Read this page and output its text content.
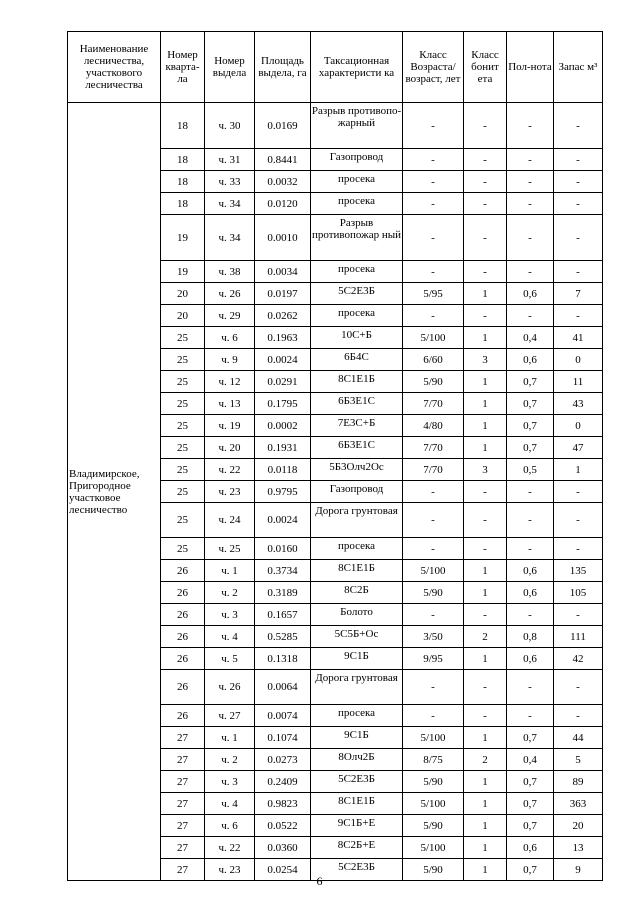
Наименование лесничества, участкового лесничества	Номер кварта-ла	Номер выдела	Площадь выдела, га	Таксационная характеристи ка	Класс Возраста/ возраст, лет	Класс бонит ета	Пол-нота	Запас м³
Владимирское, Пригородное участковое лесничество	18	ч. 30	0.0169	Разрыв противопо-жарный	-	-	-	-
	18	ч. 31	0.8441	Газопровод	-	-	-	-
	18	ч. 33	0.0032	просека	-	-	-	-
	18	ч. 34	0.0120	просека	-	-	-	-
	19	ч. 34	0.0010	Разрыв противопожар ный	-	-	-	-
	19	ч. 38	0.0034	просека	-	-	-	-
	20	ч. 26	0.0197	5С2Е3Б	5/95	1	0,6	7
	20	ч. 29	0.0262	просека	-	-	-	-
	25	ч. 6	0.1963	10С+Б	5/100	1	0,4	41
	25	ч. 9	0.0024	6Б4С	6/60	3	0,6	0
	25	ч. 12	0.0291	8С1Е1Б	5/90	1	0,7	11
	25	ч. 13	0.1795	6Б3Е1С	7/70	1	0,7	43
	25	ч. 19	0.0002	7Е3С+Б	4/80	1	0,7	0
	25	ч. 20	0.1931	6Б3Е1С	7/70	1	0,7	47
	25	ч. 22	0.0118	5Б3Олч2Ос	7/70	3	0,5	1
	25	ч. 23	0.9795	Газопровод	-	-	-	-
	25	ч. 24	0.0024	Дорога грунтовая	-	-	-	-
	25	ч. 25	0.0160	просека	-	-	-	-
	26	ч. 1	0.3734	8С1Е1Б	5/100	1	0,6	135
	26	ч. 2	0.3189	8С2Б	5/90	1	0,6	105
	26	ч. 3	0.1657	Болото	-	-	-	-
	26	ч. 4	0.5285	5С5Б+Ос	3/50	2	0,8	111
	26	ч. 5	0.1318	9С1Б	9/95	1	0,6	42
	26	ч. 26	0.0064	Дорога грунтовая	-	-	-	-
	26	ч. 27	0.0074	просека	-	-	-	-
	27	ч. 1	0.1074	9С1Б	5/100	1	0,7	44
	27	ч. 2	0.0273	8Олч2Б	8/75	2	0,4	5
	27	ч. 3	0.2409	5С2Е3Б	5/90	1	0,7	89
	27	ч. 4	0.9823	8С1Е1Б	5/100	1	0,7	363
	27	ч. 6	0.0522	9С1Б+Е	5/90	1	0,7	20
	27	ч. 22	0.0360	8С2Б+Е	5/100	1	0,6	13
	27	ч. 23	0.0254	5С2Е3Б	5/90	1	0,7	9
6
